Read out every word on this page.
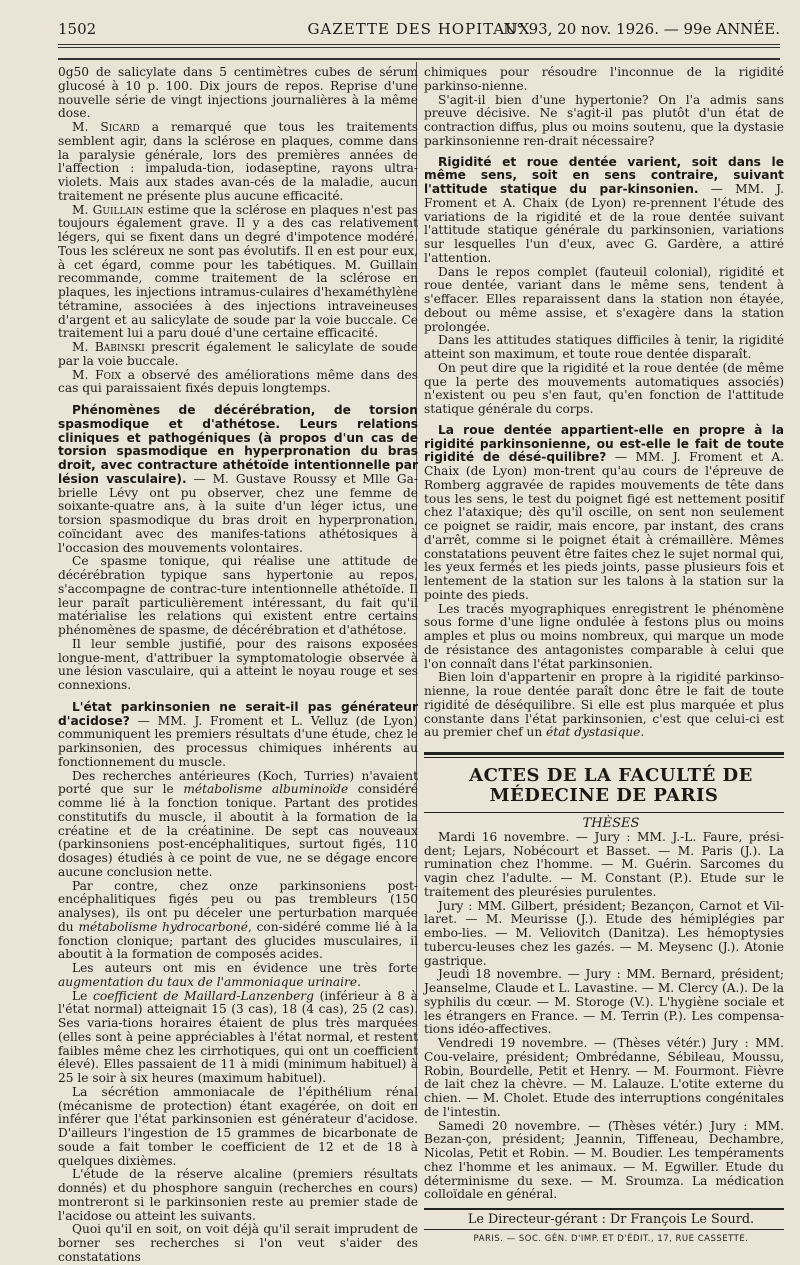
1502	GAZETTE DES HOPITAUX
N° 93, 20 nov. 1926. — 99e ANNÉE.

0g50 de salicylate dans 5 centimètres cubes de sérum glucosé à 10 p. 100. Dix jours de repos. Reprise d'une nouvelle série de vingt injections journalières à la même dose.

M. Sicard a remarqué que tous les traitements semblent agir, dans la sclérose en plaques, comme dans la paralysie générale, lors des premières années de l'affection : impaluda-tion, iodaseptine, rayons ultra-violets. Mais aux stades avan-cés de la maladie, aucun traitement ne présente plus aucune efficacité.

M. Guillain estime que la sclérose en plaques n'est pas toujours également grave. Il y a des cas relativement légers, qui se fixent dans un degré d'impotence modéré. Tous les scléreux ne sont pas évolutifs. Il en est pour eux, à cet égard, comme pour les tabétiques. M. Guillain recommande, comme traitement de la sclérose en plaques, les injections intramus-culaires d'hexaméthylène tétramine, associées à des injections intraveineuses d'argent et au salicylate de soude par la voie buccale. Ce traitement lui a paru doué d'une certaine efficacité.

M. Babinski prescrit également le salicylate de soude par la voie buccale.

M. Foix a observé des améliorations même dans des cas qui paraissaient fixés depuis longtemps.

Phénomènes de décérébration, de torsion spasmodique et d'athétose. Leurs relations cliniques et pathogéniques (à propos d'un cas de torsion spasmodique en hyperpronation du bras droit, avec contracture athétoïde intentionnelle par lésion vasculaire). — M. Gustave Roussy et Mlle Ga-brielle Lévy ont pu observer, chez une femme de soixante-quatre ans, à la suite d'un léger ictus, une torsion spasmodique du bras droit en hyperpronation, coïncidant avec des manifes-tations athétosiques à l'occasion des mouvements volontaires.

Ce spasme tonique, qui réalise une attitude de décérébration typique sans hypertonie au repos, s'accompagne de contrac-ture intentionnelle athétoïde. Il leur paraît particulièrement intéressant, du fait qu'il matérialise les relations qui existent entre certains phénomènes de spasme, de décérébration et d'athétose.

Il leur semble justifié, pour des raisons exposées longue-ment, d'attribuer la symptomatologie observée à une lésion vasculaire, qui a atteint le noyau rouge et ses connexions.

L'état parkinsonien ne serait-il pas générateur d'acidose? — MM. J. Froment et L. Velluz (de Lyon) communiquent les premiers résultats d'une étude, chez le parkinsonien, des processus chimiques inhérents au fonctionnement du muscle.

Des recherches antérieures (Koch, Turries) n'avaient porté que sur le métabolisme albuminoïde considéré comme lié à la fonction tonique. Partant des protides constitutifs du muscle, il aboutit à la formation de la créatine et de la créatinine. De sept cas nouveaux (parkinsoniens post-encéphalitiques, surtout figés, 110 dosages) étudiés à ce point de vue, ne se dégage encore aucune conclusion nette.

Par contre, chez onze parkinsoniens post-encéphalitiques figés peu ou pas trembleurs (150 analyses), ils ont pu déceler une perturbation marquée du métabolisme hydrocarboné, con-sidéré comme lié à la fonction clonique; partant des glucides musculaires, il aboutit à la formation de composés acides.

Les auteurs ont mis en évidence une très forte augmentation du taux de l'ammoniaque urinaire.

Le coefficient de Maillard-Lanzenberg (inférieur à 8 à l'état normal) atteignait 15 (3 cas), 18 (4 cas), 25 (2 cas). Ses varia-tions horaires étaient de plus très marquées (elles sont à peine appréciables à l'état normal, et restent faibles même chez les cirrhotiques, qui ont un coefficient élevé). Elles passaient de 11 à midi (minimum habituel) à 25 le soir à six heures (maximum habituel).

La sécrétion ammoniacale de l'épithélium rénal (mécanisme de protection) étant exagérée, on doit en inférer que l'état parkinsonien est générateur d'acidose. D'ailleurs l'ingestion de 15 grammes de bicarbonate de soude a fait tomber le coefficient de 12 et de 18 à quelques dixièmes.

L'étude de la réserve alcaline (premiers résultats donnés) et du phosphore sanguin (recherches en cours) montreront si le parkinsonien reste au premier stade de l'acidose ou atteint les suivants.

Quoi qu'il en soit, on voit déjà qu'il serait imprudent de borner ses recherches si l'on veut s'aider des constatations

chimiques pour résoudre l'inconnue de la rigidité parkinso-nienne.

S'agit-il bien d'une hypertonie? On l'a admis sans preuve décisive. Ne s'agit-il pas plutôt d'un état de contraction diffus, plus ou moins soutenu, que la dystasie parkinsonienne ren-drait nécessaire?

Rigidité et roue dentée varient, soit dans le même sens, soit en sens contraire, suivant l'attitude statique du par-kinsonien. — MM. J. Froment et A. Chaix (de Lyon) re-prennent l'étude des variations de la rigidité et de la roue dentée suivant l'attitude statique générale du parkinsonien, variations sur lesquelles l'un d'eux, avec G. Gardère, a attiré l'attention.

Dans le repos complet (fauteuil colonial), rigidité et roue dentée, variant dans le même sens, tendent à s'effacer. Elles reparaissent dans la station non étayée, debout ou même assise, et s'exagère dans la station prolongée.

Dans les attitudes statiques difficiles à tenir, la rigidité atteint son maximum, et toute roue dentée disparaît.

On peut dire que la rigidité et la roue dentée (de même que la perte des mouvements automatiques associés) n'existent ou peu s'en faut, qu'en fonction de l'attitude statique générale du corps.

La roue dentée appartient-elle en propre à la rigidité parkinsonienne, ou est-elle le fait de toute rigidité de désé-quilibre? — MM. J. Froment et A. Chaix (de Lyon) mon-trent qu'au cours de l'épreuve de Romberg aggravée de rapides mouvements de tête dans tous les sens, le test du poignet figé est nettement positif chez l'ataxique; dès qu'il oscille, on sent non seulement ce poignet se raidir, mais encore, par instant, des crans d'arrêt, comme si le poignet était à crémaillère. Mêmes constatations peuvent être faites chez le sujet normal qui, les yeux fermés et les pieds joints, passe plusieurs fois et lentement de la station sur les talons à la station sur la pointe des pieds.

Les tracés myographiques enregistrent le phénomène sous forme d'une ligne ondulée à festons plus ou moins amples et plus ou moins nombreux, qui marque un mode de résistance des antagonistes comparable à celui que l'on connaît dans l'état parkinsonien.

Bien loin d'appartenir en propre à la rigidité parkinso-nienne, la roue dentée paraît donc être le fait de toute rigidité de déséquilibre. Si elle est plus marquée et plus constante dans l'état parkinsonien, c'est que celui-ci est au premier chef un état dystasique.

ACTES DE LA FACULTÉ DE MÉDECINE DE PARIS

THÈSES

Mardi 16 novembre. — Jury : MM. J.-L. Faure, prési-dent; Lejars, Nobécourt et Basset. — M. Paris (J.). La rumination chez l'homme. — M. Guérin. Sarcomes du vagin chez l'adulte. — M. Constant (P.). Etude sur le traitement des pleurésies purulentes.

Jury : MM. Gilbert, président; Bezançon, Carnot et Vil-laret. — M. Meurisse (J.). Etude des hémiplégies par embo-lies. — M. Veliovitch (Danitza). Les hémoptysies tubercu-leuses chez les gazés. — M. Meysenc (J.). Atonie gastrique.

Jeudi 18 novembre. — Jury : MM. Bernard, président; Jeanselme, Claude et L. Lavastine. — M. Clercy (A.). De la syphilis du cœur. — M. Storoge (V.). L'hygiène sociale et les étrangers en France. — M. Terrin (P.). Les compensa-tions idéo-affectives.

Vendredi 19 novembre. — (Thèses vétér.) Jury : MM. Cou-velaire, président; Ombrédanne, Sébileau, Moussu, Robin, Bourdelle, Petit et Henry. — M. Fourmont. Fièvre de lait chez la chèvre. — M. Lalauze. L'otite externe du chien. — M. Cholet. Etude des interruptions congénitales de l'intestin.

Samedi 20 novembre. — (Thèses vétér.) Jury : MM. Bezan-çon, président; Jeannin, Tiffeneau, Dechambre, Nicolas, Petit et Robin. — M. Boudier. Les tempéraments chez l'homme et les animaux. — M. Egwiller. Etude du déterminisme du sexe. — M. Sroumza. La médication colloïdale en général.

Le Directeur-gérant : Dr François Le Sourd.

PARIS. — SOC. GÉN. D'IMP. ET D'ÉDIT., 17, RUE CASSETTE.
